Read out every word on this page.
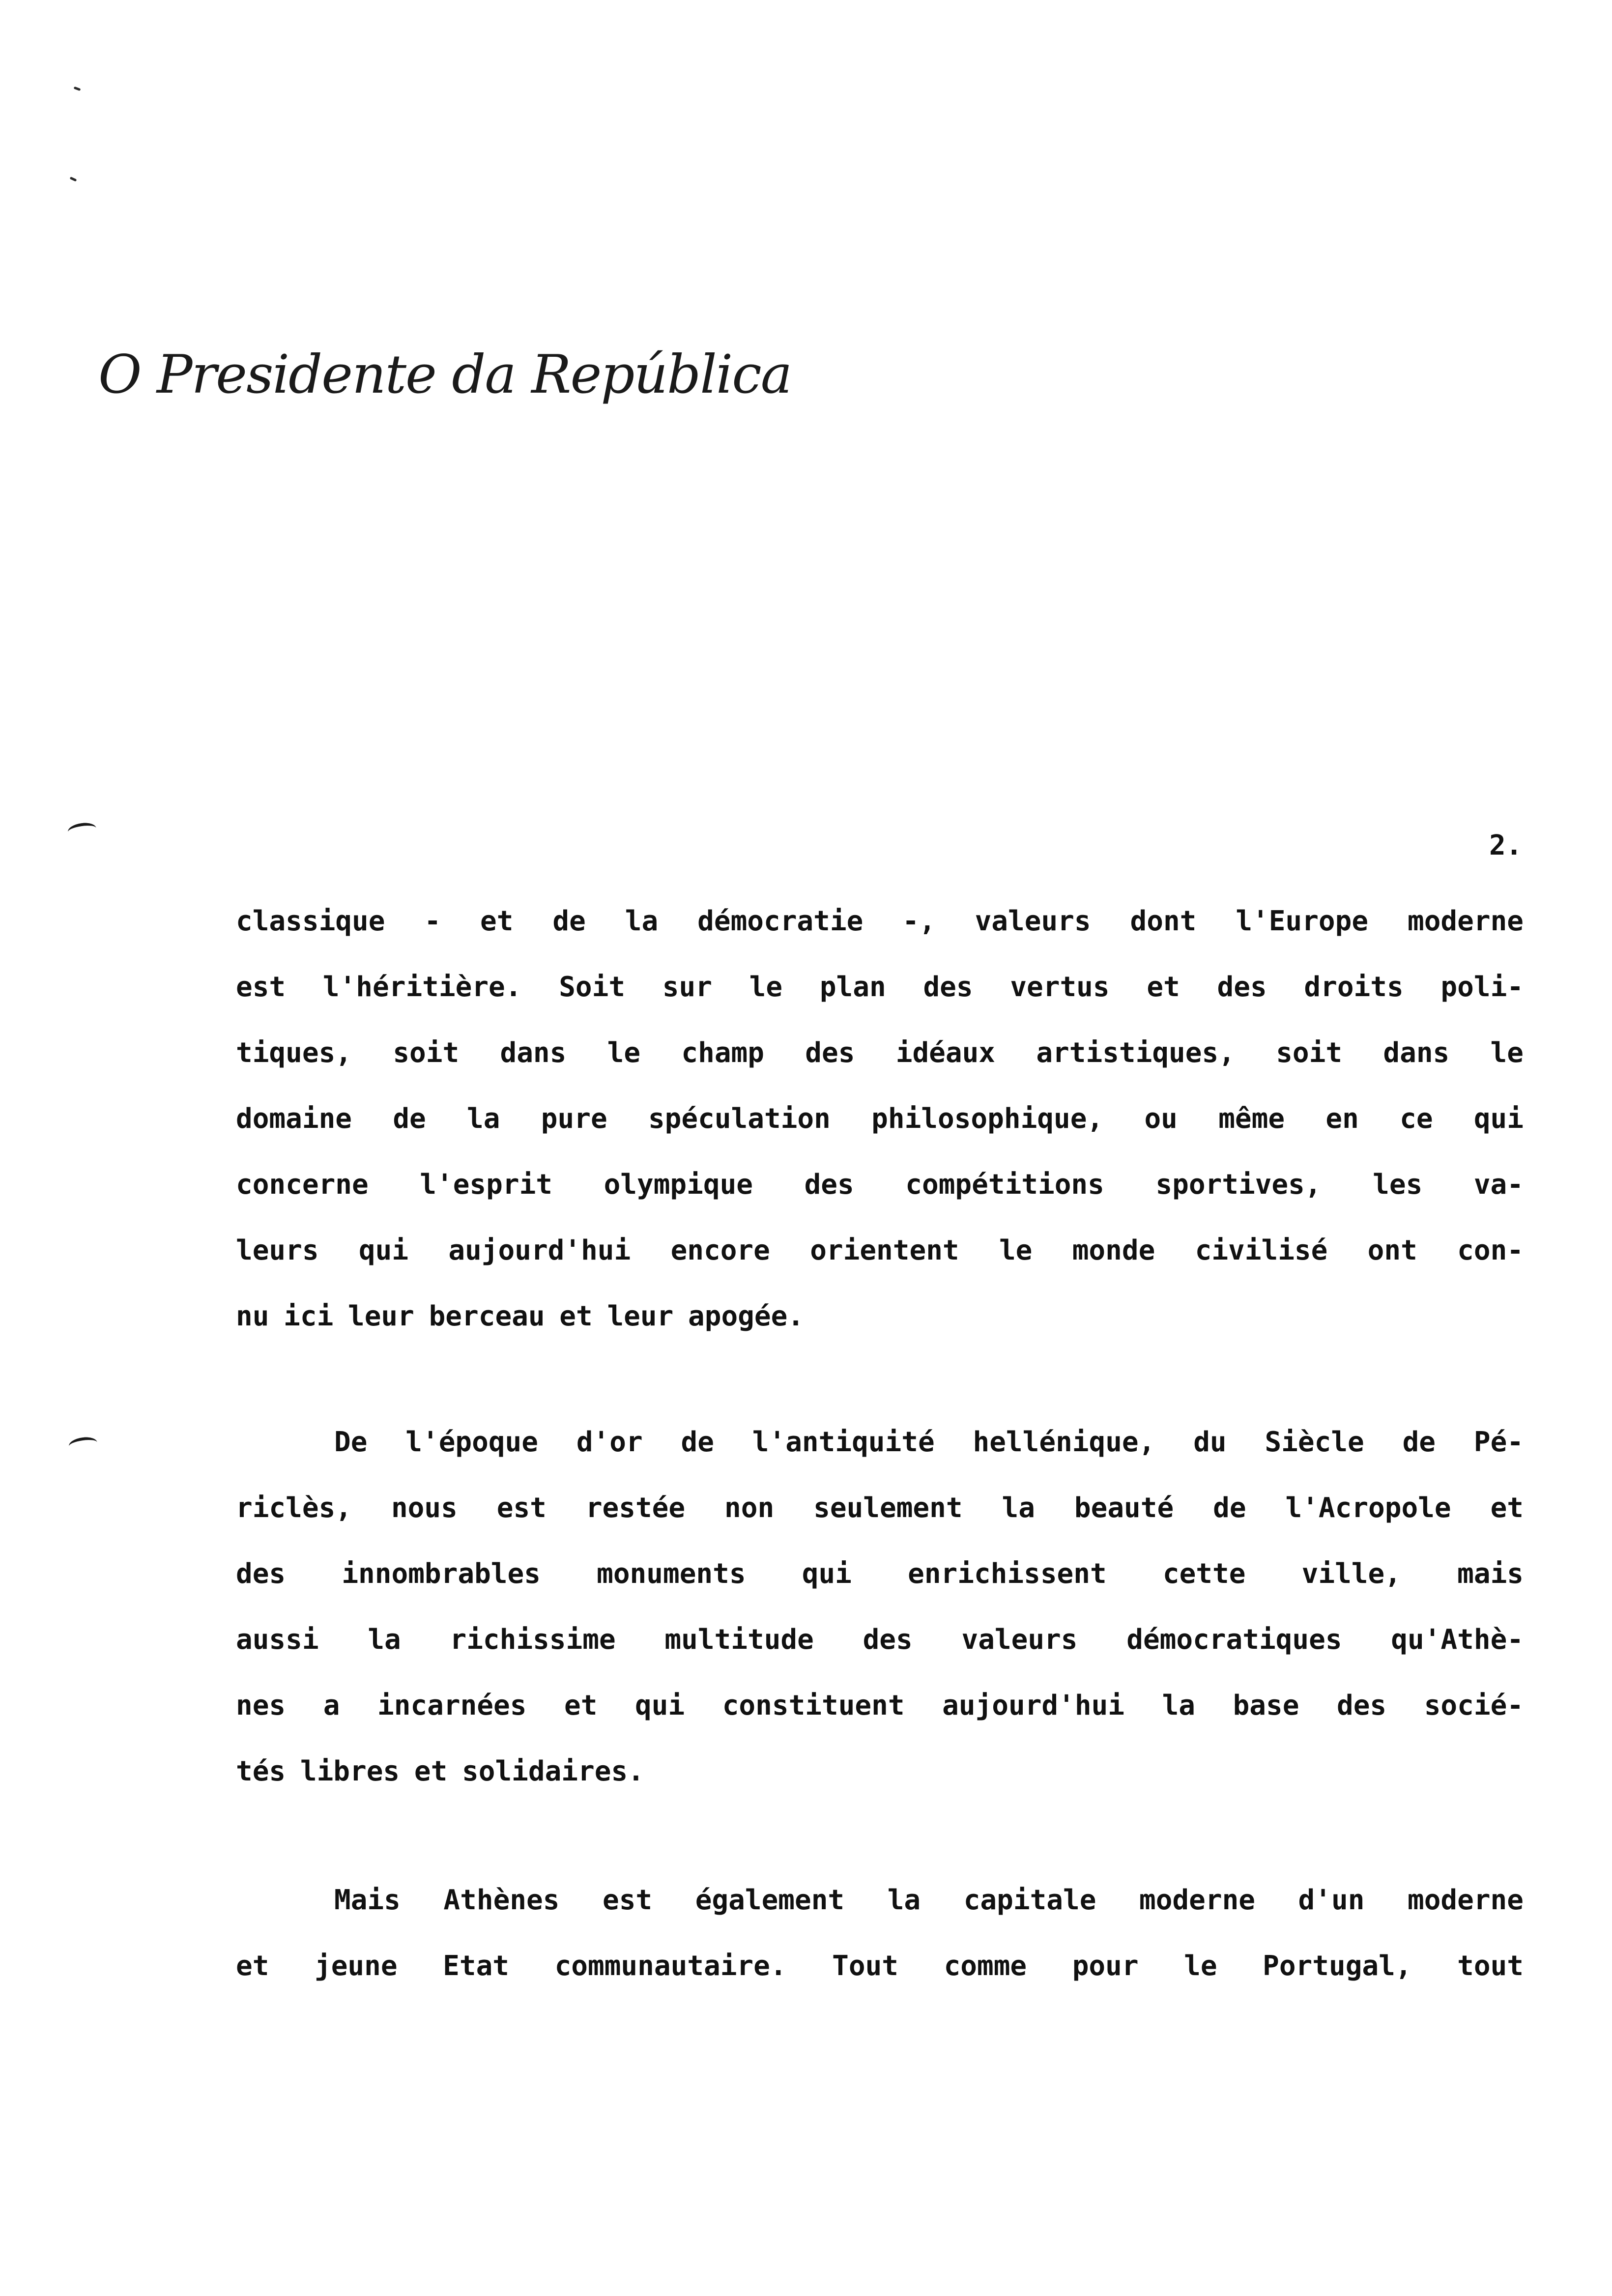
O Presidente da República
2.
classique - et de la démocratie -, valeurs dont l'Europe moderne
est l'héritière. Soit sur le plan des vertus et des droits poli-
tiques, soit dans le champ des idéaux artistiques, soit dans le
domaine de la pure spéculation philosophique, ou même en ce qui
concerne l'esprit olympique des compétitions sportives, les va-
leurs qui aujourd'hui encore orientent le monde civilisé ont con-
nu ici leur berceau et leur apogée.
De l'époque d'or de l'antiquité hellénique, du Siècle de Pé-
riclès, nous est restée non seulement la beauté de l'Acropole et
des innombrables monuments qui enrichissent cette ville, mais
aussi la richissime multitude des valeurs démocratiques qu'Athè-
nes a incarnées et qui constituent aujourd'hui la base des socié-
tés libres et solidaires.
Mais Athènes est également la capitale moderne d'un moderne
et jeune Etat communautaire. Tout comme pour le Portugal, tout
